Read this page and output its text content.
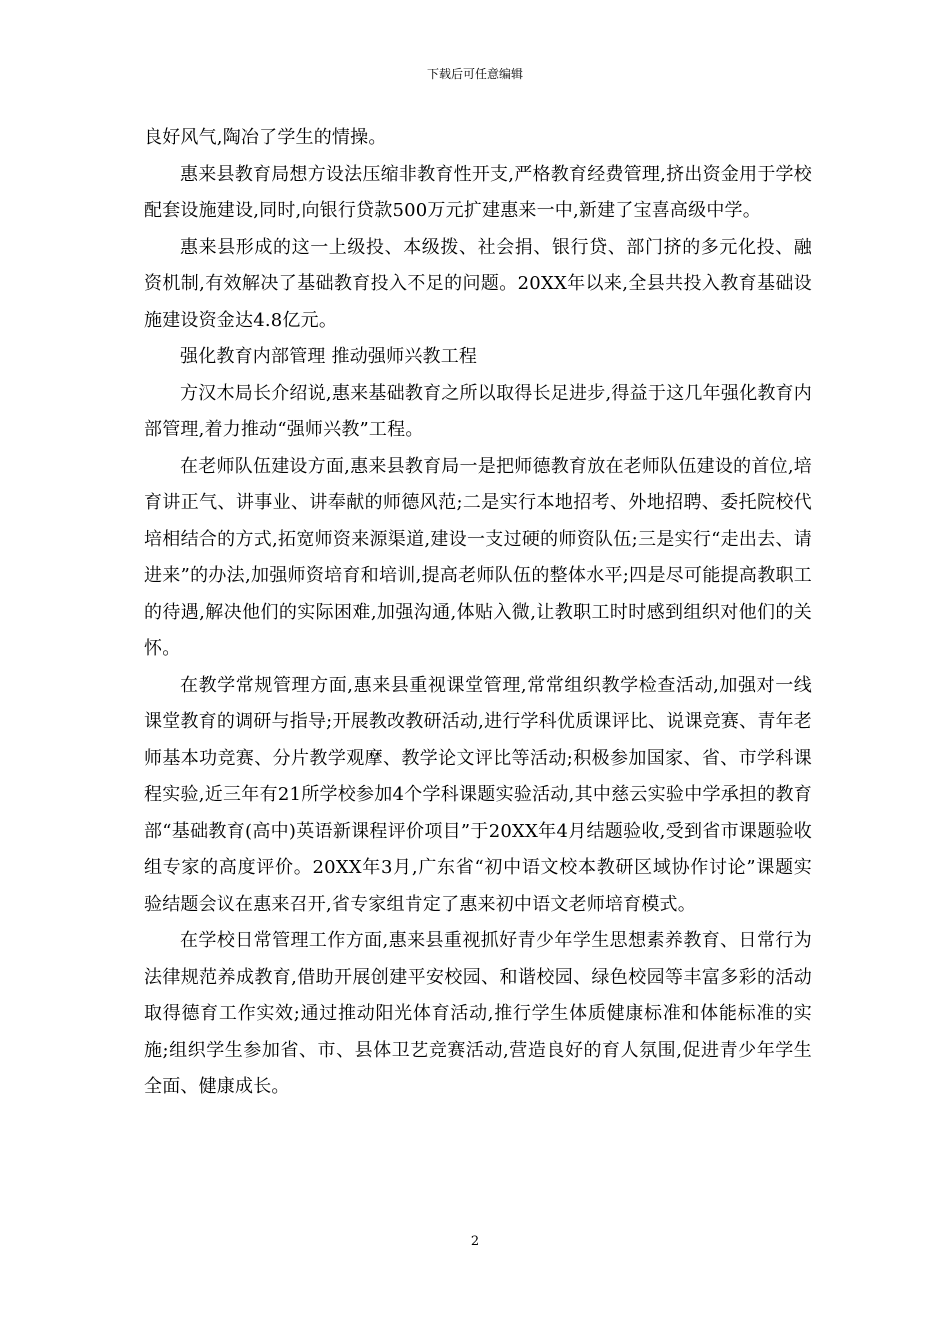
下载后可任意编辑

良好风气,陶冶了学生的情操。

惠来县教育局想方设法压缩非教育性开支,严格教育经费管理,挤出资金用于学校配套设施建设,同时,向银行贷款500万元扩建惠来一中,新建了宝喜高级中学。

惠来县形成的这一上级投、本级拨、社会捐、银行贷、部门挤的多元化投、融资机制,有效解决了基础教育投入不足的问题。20XX年以来,全县共投入教育基础设施建设资金达4.8亿元。

强化教育内部管理 推动强师兴教工程

方汉木局长介绍说,惠来基础教育之所以取得长足进步,得益于这几年强化教育内部管理,着力推动“强师兴教”工程。

在老师队伍建设方面,惠来县教育局一是把师德教育放在老师队伍建设的首位,培育讲正气、讲事业、讲奉献的师德风范;二是实行本地招考、外地招聘、委托院校代培相结合的方式,拓宽师资来源渠道,建设一支过硬的师资队伍;三是实行“走出去、请进来”的办法,加强师资培育和培训,提高老师队伍的整体水平;四是尽可能提高教职工的待遇,解决他们的实际困难,加强沟通,体贴入微,让教职工时时感到组织对他们的关怀。

在教学常规管理方面,惠来县重视课堂管理,常常组织教学检查活动,加强对一线课堂教育的调研与指导;开展教改教研活动,进行学科优质课评比、说课竞赛、青年老师基本功竞赛、分片教学观摩、教学论文评比等活动;积极参加国家、省、市学科课程实验,近三年有21所学校参加4个学科课题实验活动,其中慈云实验中学承担的教育部“基础教育(高中)英语新课程评价项目”于20XX年4月结题验收,受到省市课题验收组专家的高度评价。20XX年3月,广东省“初中语文校本教研区域协作讨论”课题实验结题会议在惠来召开,省专家组肯定了惠来初中语文老师培育模式。

在学校日常管理工作方面,惠来县重视抓好青少年学生思想素养教育、日常行为法律规范养成教育,借助开展创建平安校园、和谐校园、绿色校园等丰富多彩的活动取得德育工作实效;通过推动阳光体育活动,推行学生体质健康标准和体能标准的实施;组织学生参加省、市、县体卫艺竞赛活动,营造良好的育人氛围,促进青少年学生全面、健康成长。

2
